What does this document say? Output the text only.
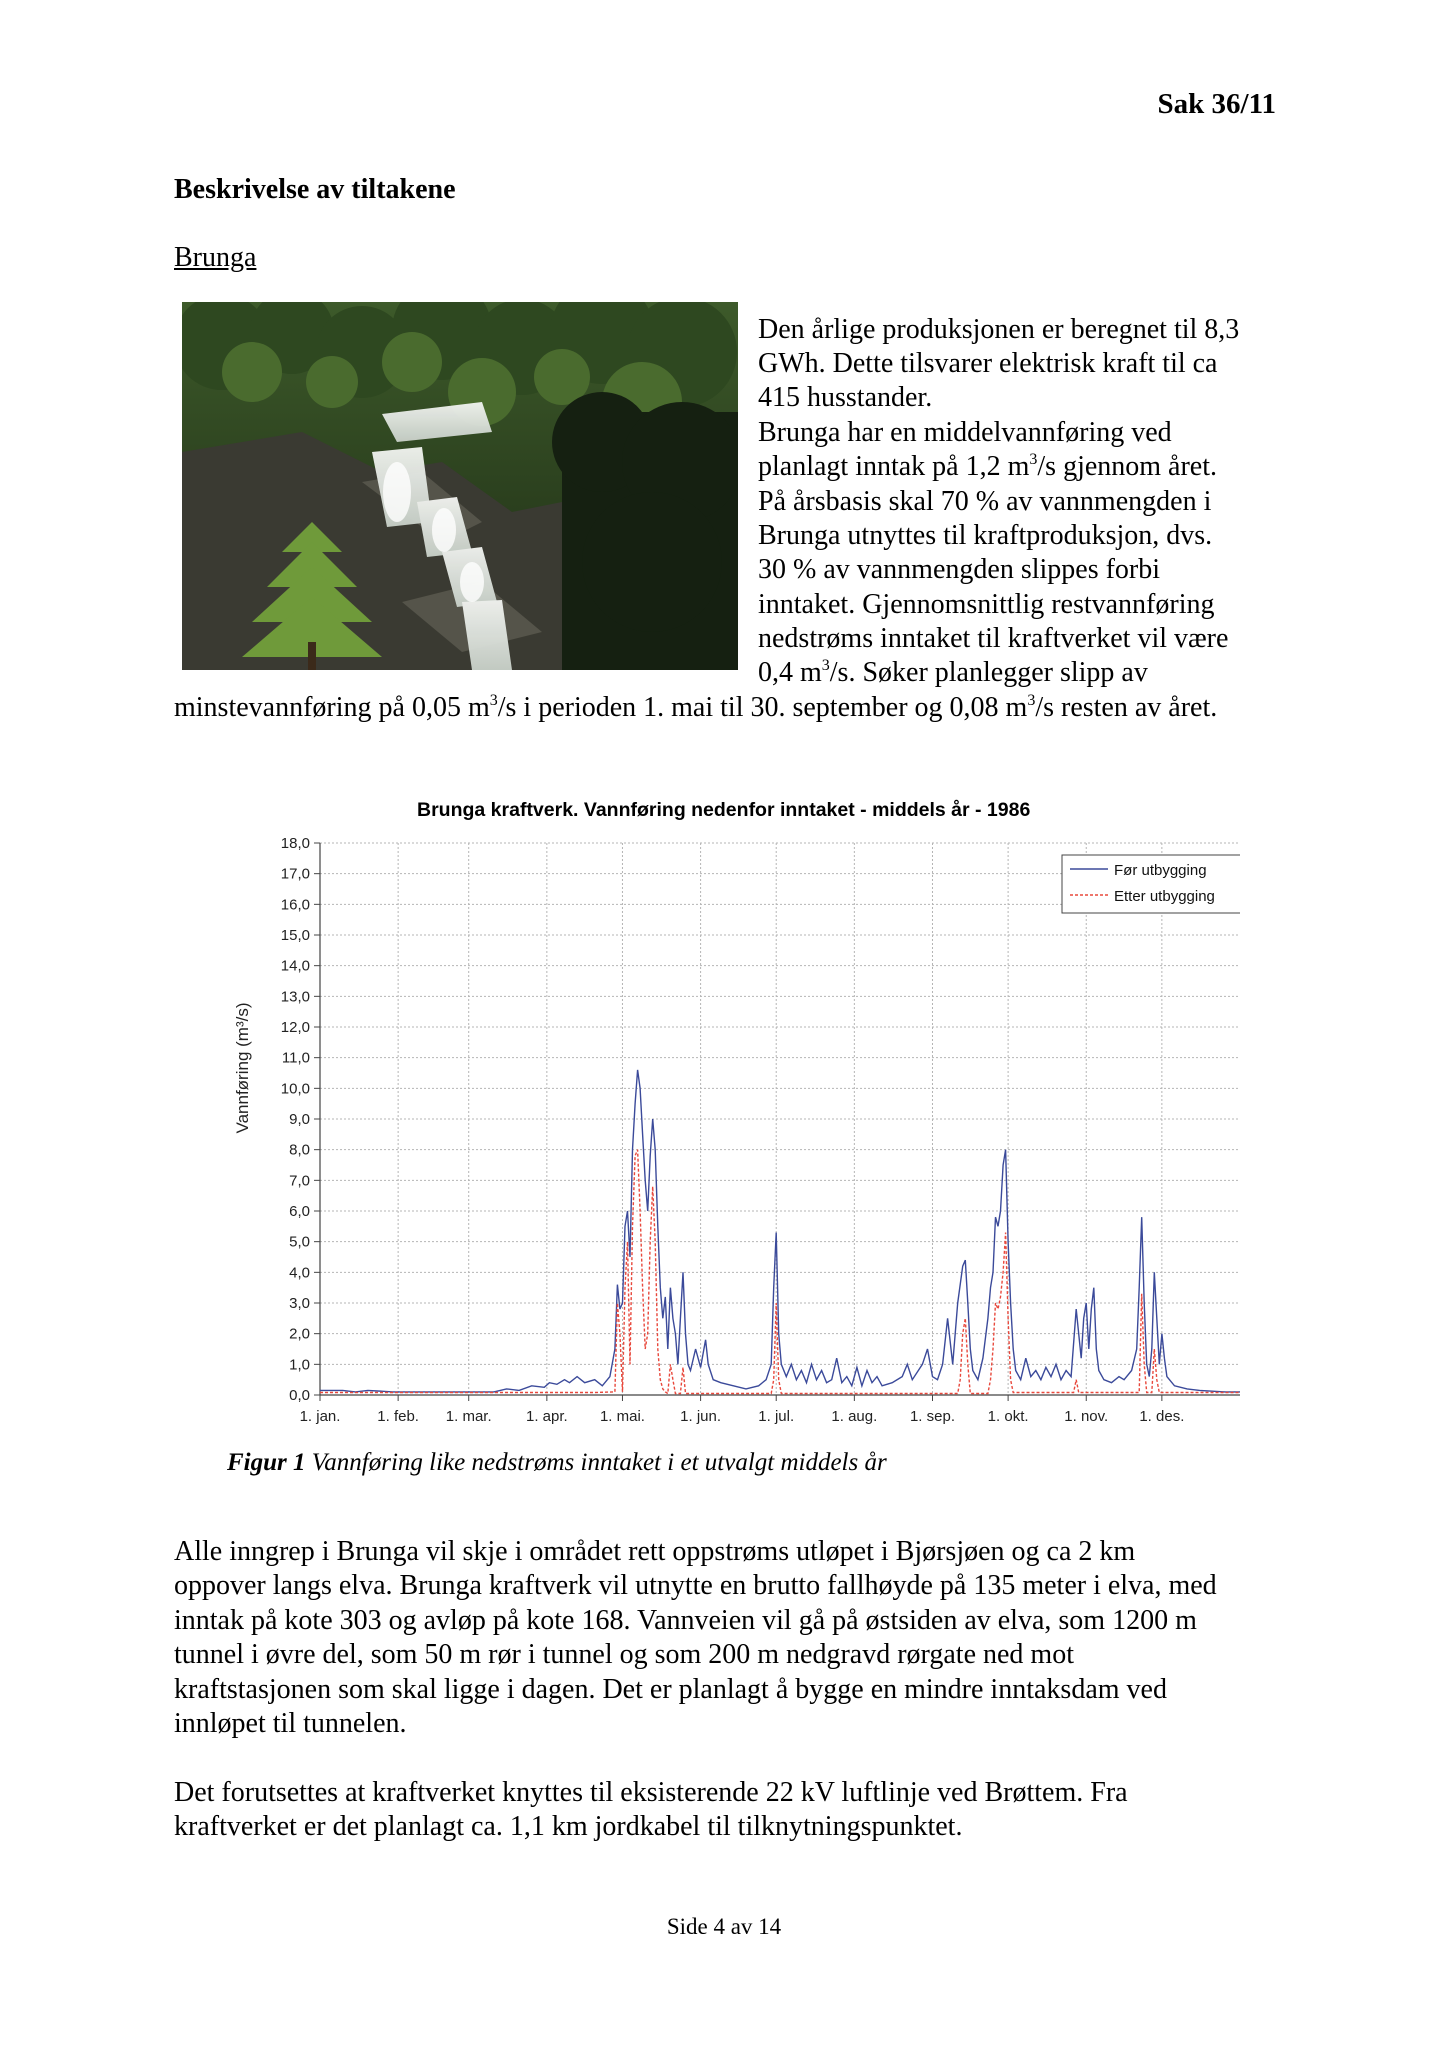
Sak 36/11
Beskrivelse av tiltakene
Brunga
Den årlige produksjonen er beregnet til 8,3
GWh. Dette tilsvarer elektrisk kraft til ca
415 husstander.
Brunga har en middelvannføring ved
planlagt inntak på 1,2 $m^3/s$ gjennom året.
På årsbasis skal 70 % av vannmengden i
Brunga utnyttes til kraftproduksjon, dvs.
30 % av vannmengden slippes forbi
inntaket. Gjennomsnittlig restvannføring
nedstrøms inntaket til kraftverket vil være
0,4 $m^3/s$. Søker planlegger slipp av
minstevannføring på 0,05 $m^3/s$ i perioden 1. mai til 30. september og 0,08 $m^3/s$ resten av året.
Brunga kraftverk. Vannføring nedenfor inntaket - middels år - 1986
0,0
1,0
2,0
3,0
4,0
5,0
6,0
7,0
8,0
9,0
10,0
11,0
12,0
13,0
14,0
15,0
16,0
17,0
18,0
1. jan. 1. feb. 1. mar. 1. apr. 1. mai. 1. jun. 1. jul. 1. aug. 1. sep. 1. okt. 1. nov. 1. des.
Vannføring (m³/s)
Før utbygging
Etter utbygging
Figur 1 Vannføring like nedstrøms inntaket i et utvalgt middels år
Alle inngrep i Brunga vil skje i området rett oppstrøms utløpet i Bjørsjøen og ca 2 km
oppover langs elva. Brunga kraftverk vil utnytte en brutto fallhøyde på 135 meter i elva, med
inntak på kote 303 og avløp på kote 168. Vannveien vil gå på østsiden av elva, som 1200 m
tunnel i øvre del, som 50 m rør i tunnel og som 200 m nedgravd rørgate ned mot
kraftstasjonen som skal ligge i dagen. Det er planlagt å bygge en mindre inntaksdam ved
innløpet til tunnelen.
Det forutsettes at kraftverket knyttes til eksisterende 22 kV luftlinje ved Brøttem. Fra
kraftverket er det planlagt ca. 1,1 km jordkabel til tilknytningspunktet.
Side 4 av 14
